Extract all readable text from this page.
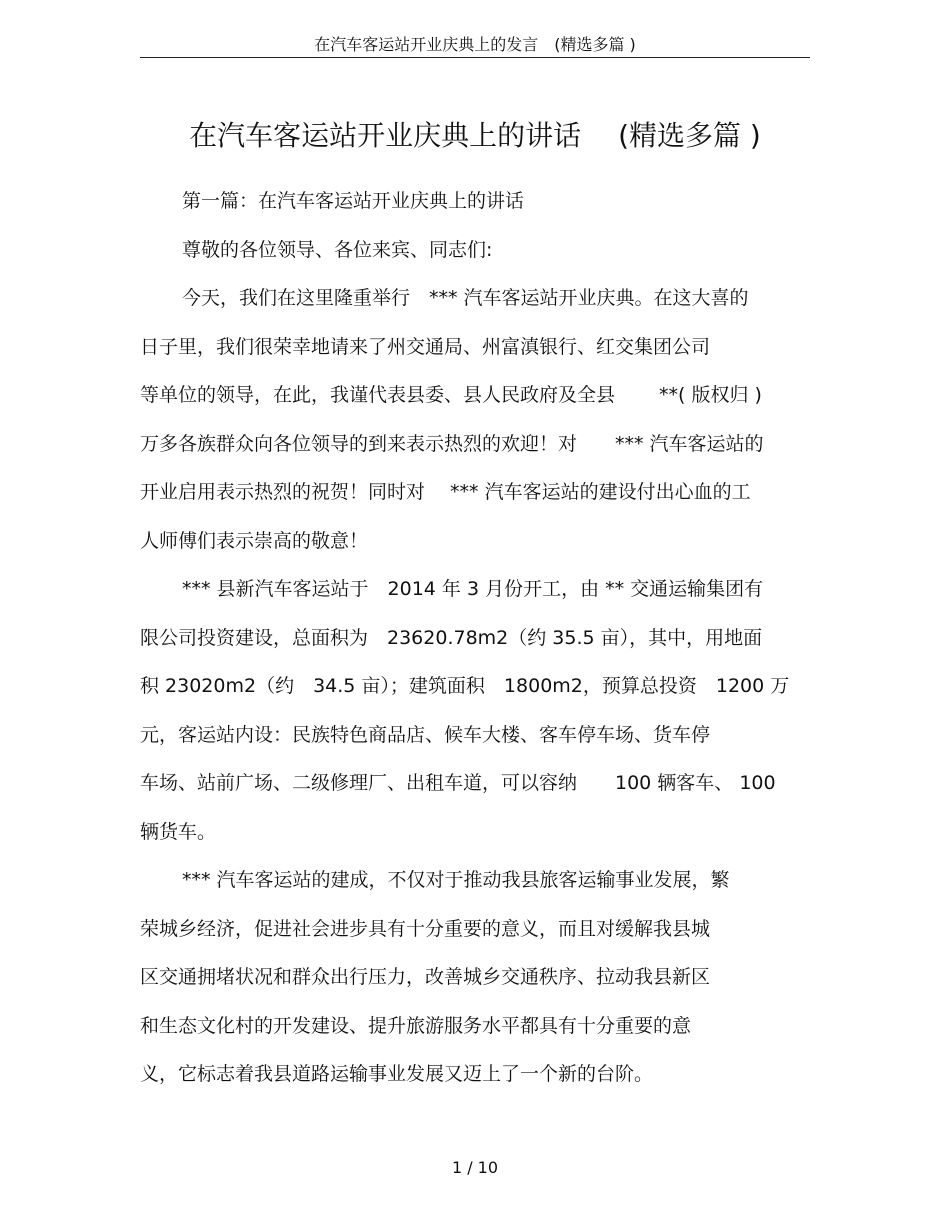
在汽车客运站开业庆典上的发言　(精选多篇 )
在汽车客运站开业庆典上的讲话　 (精选多篇 )
第一篇：在汽车客运站开业庆典上的讲话
尊敬的各位领导、各位来宾、同志们:
今天，我们在这里隆重举行　*** 汽车客运站开业庆典。在这大喜的
日子里，我们很荣幸地请来了州交通局、州富滇银行、红交集团公司
等单位的领导，在此，我谨代表县委、县人民政府及全县　　 **( 版权归 )
万多各族群众向各位领导的到来表示热烈的欢迎！对　　*** 汽车客运站的
开业启用表示热烈的祝贺！同时对　 *** 汽车客运站的建设付出心血的工
人师傅们表示崇高的敬意！
*** 县新汽车客运站于　2014 年 3 月份开工，由 ** 交通运输集团有
限公司投资建设，总面积为　23620.78m2（约 35.5 亩），其中，用地面
积 23020m2（约　34.5 亩）；建筑面积　1800m2，预算总投资　1200 万
元，客运站内设：民族特色商品店、候车大楼、客车停车场、货车停
车场、站前广场、二级修理厂、出租车道，可以容纳　　100 辆客车、 100
辆货车。
*** 汽车客运站的建成，不仅对于推动我县旅客运输事业发展，繁
荣城乡经济，促进社会进步具有十分重要的意义，而且对缓解我县城
区交通拥堵状况和群众出行压力，改善城乡交通秩序、拉动我县新区
和生态文化村的开发建设、提升旅游服务水平都具有十分重要的意
义，它标志着我县道路运输事业发展又迈上了一个新的台阶。
1 / 10
